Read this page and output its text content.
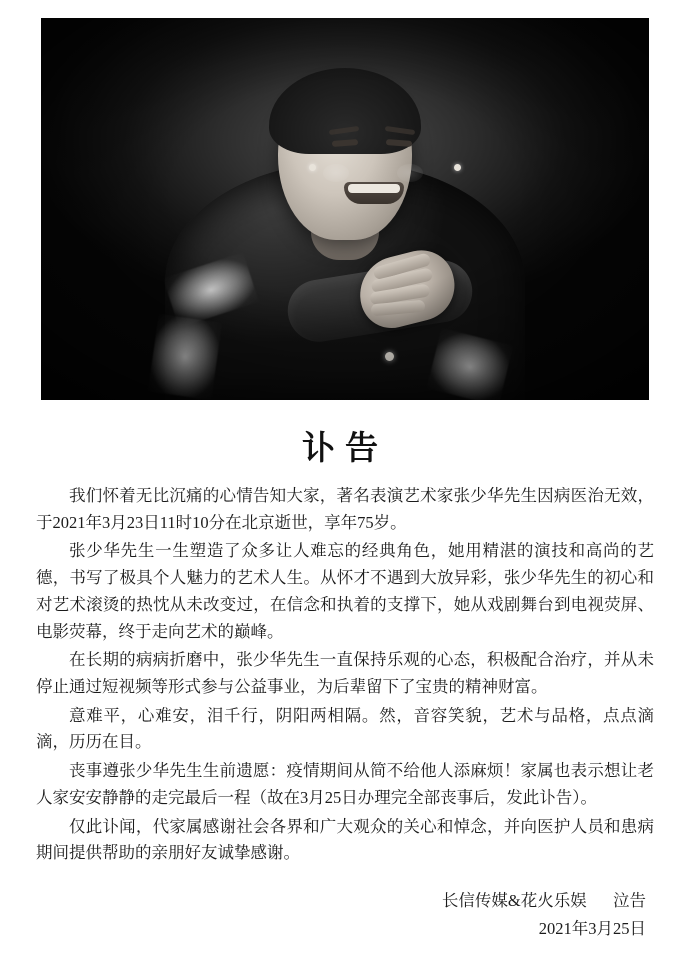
讣告

我们怀着无比沉痛的心情告知大家，著名表演艺术家张少华先生因病医治无效，于2021年3月23日11时10分在北京逝世，享年75岁。

张少华先生一生塑造了众多让人难忘的经典角色，她用精湛的演技和高尚的艺德，书写了极具个人魅力的艺术人生。从怀才不遇到大放异彩，张少华先生的初心和对艺术滚烫的热忱从未改变过，在信念和执着的支撑下，她从戏剧舞台到电视荧屏、电影荧幕，终于走向艺术的巅峰。

在长期的病病折磨中，张少华先生一直保持乐观的心态，积极配合治疗，并从未停止通过短视频等形式参与公益事业，为后辈留下了宝贵的精神财富。

意难平，心难安，泪千行，阴阳两相隔。然，音容笑貌，艺术与品格，点点滴滴，历历在目。

丧事遵张少华先生生前遗愿：疫情期间从简不给他人添麻烦！家属也表示想让老人家安安静静的走完最后一程（故在3月25日办理完全部丧事后，发此讣告）。

仅此讣闻，代家属感谢社会各界和广大观众的关心和悼念，并向医护人员和患病期间提供帮助的亲朋好友诚挚感谢。

长信传媒&花火乐娱 泣告
2021年3月25日
